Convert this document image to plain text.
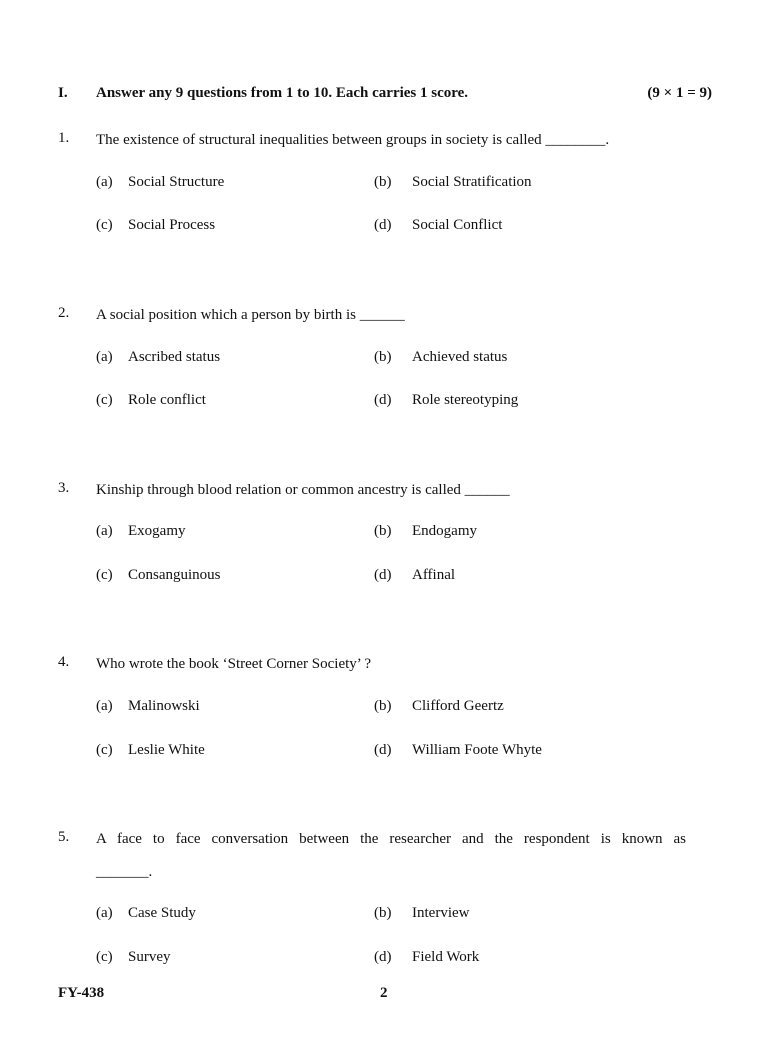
I. Answer any 9 questions from 1 to 10. Each carries 1 score.	(9 × 1 = 9)
1. The existence of structural inequalities between groups in society is called ________.
(a) Social Structure	(b) Social Stratification
(c) Social Process	(d) Social Conflict
2. A social position which a person by birth is ______
(a) Ascribed status	(b) Achieved status
(c) Role conflict	(d) Role stereotyping
3. Kinship through blood relation or common ancestry is called ______
(a) Exogamy	(b) Endogamy
(c) Consanguinous	(d) Affinal
4. Who wrote the book ‘Street Corner Society’ ?
(a) Malinowski	(b) Clifford Geertz
(c) Leslie White	(d) William Foote Whyte
5. A face to face conversation between the researcher and the respondent is known as
_______.
(a) Case Study	(b) Interview
(c) Survey	(d) Field Work
FY-438	2
